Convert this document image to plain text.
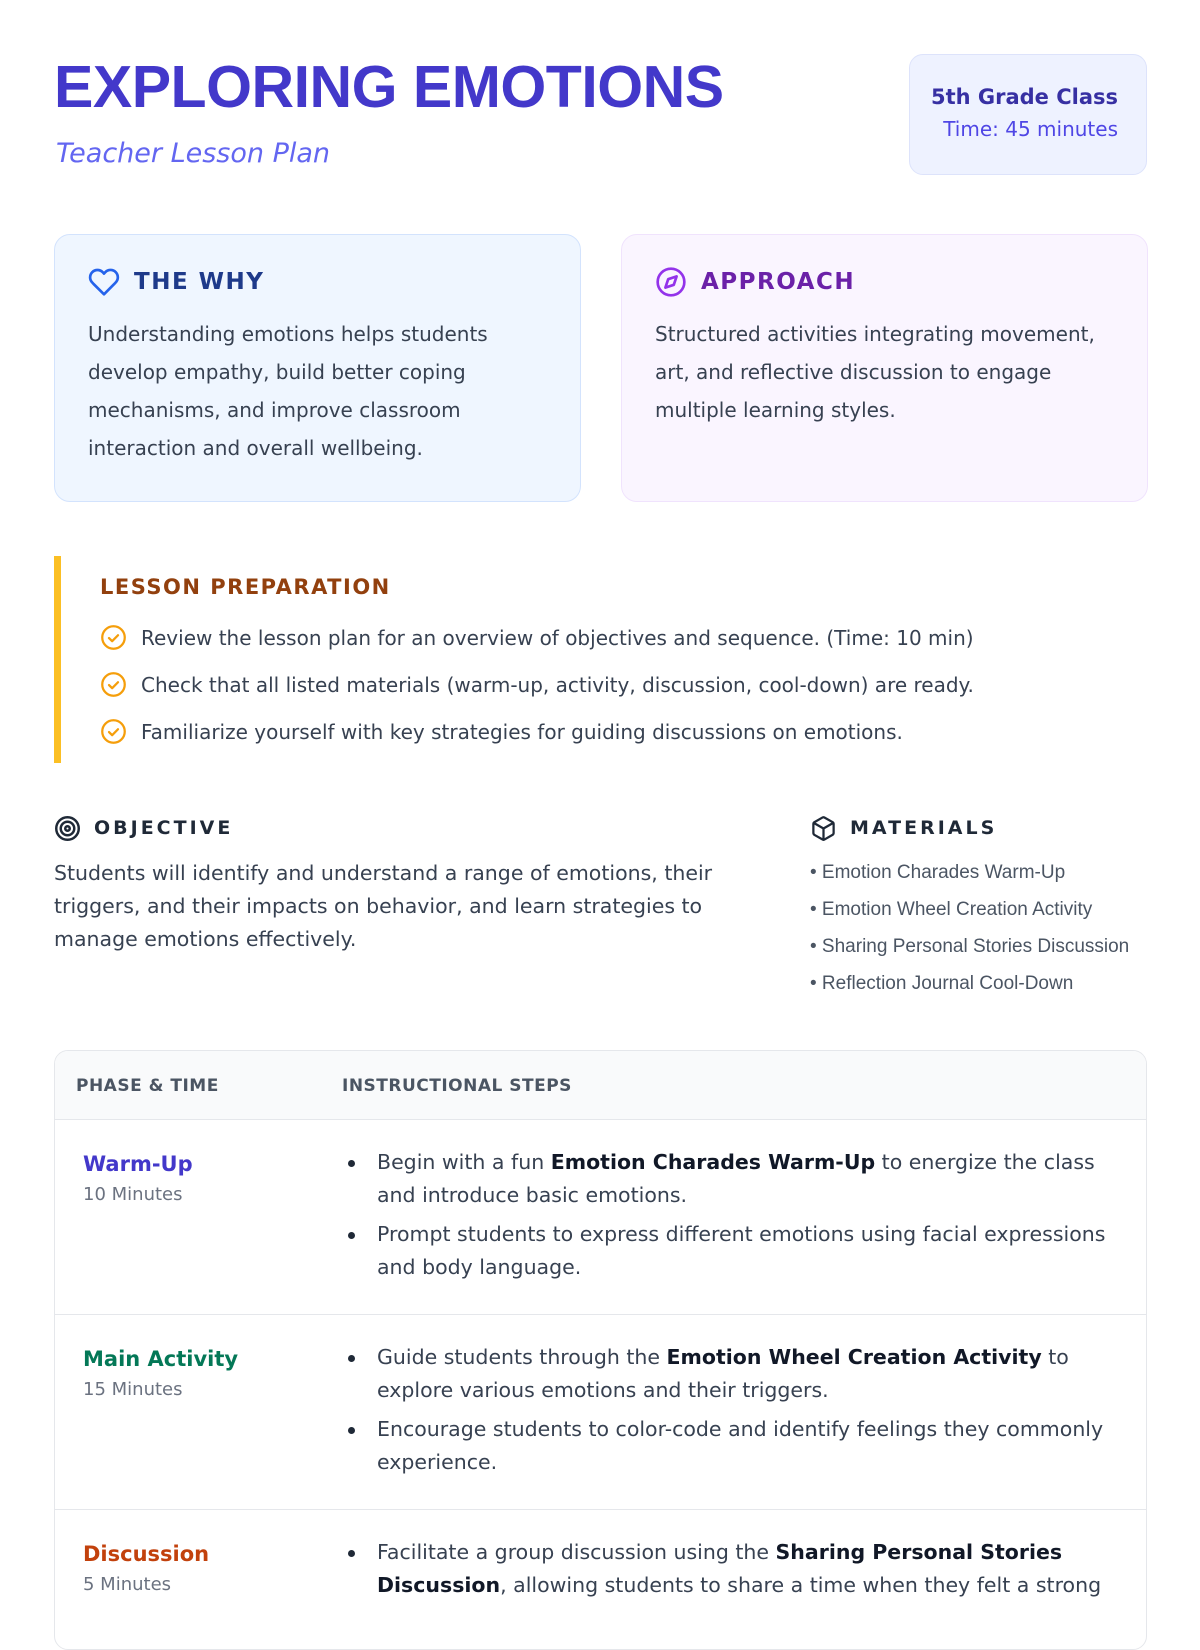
EXPLORING EMOTIONS
Teacher Lesson Plan
5th Grade Class
Time: 45 minutes
THE WHY
Understanding emotions helps students develop empathy, build better coping mechanisms, and improve classroom interaction and overall wellbeing.
APPROACH
Structured activities integrating movement, art, and reflective discussion to engage multiple learning styles.
LESSON PREPARATION
Review the lesson plan for an overview of objectives and sequence. (Time: 10 min)
Check that all listed materials (warm-up, activity, discussion, cool-down) are ready.
Familiarize yourself with key strategies for guiding discussions on emotions.
OBJECTIVE
Students will identify and understand a range of emotions, their triggers, and their impacts on behavior, and learn strategies to manage emotions effectively.
MATERIALS
• Emotion Charades Warm-Up
• Emotion Wheel Creation Activity
• Sharing Personal Stories Discussion
• Reflection Journal Cool-Down
PHASE & TIME	INSTRUCTIONAL STEPS
Warm-Up
10 Minutes
Begin with a fun Emotion Charades Warm-Up to energize the class and introduce basic emotions.
Prompt students to express different emotions using facial expressions and body language.
Main Activity
15 Minutes
Guide students through the Emotion Wheel Creation Activity to explore various emotions and their triggers.
Encourage students to color-code and identify feelings they commonly experience.
Discussion
5 Minutes
Facilitate a group discussion using the Sharing Personal Stories Discussion, allowing students to share a time when they felt a strong
